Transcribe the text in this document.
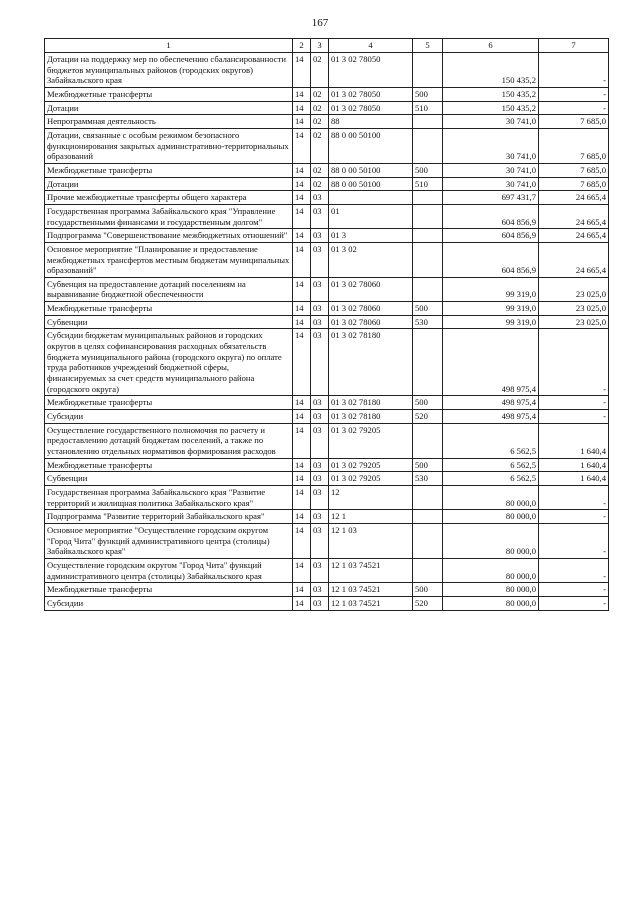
167
1	2	3	4	5	6	7
Дотации на поддержку мер по обеспечению сбалансированности бюджетов муниципальных районов (городских округов) Забайкальского края	14	02	01 3 02 78050		150 435,2	-
Межбюджетные трансферты	14	02	01 3 02 78050	500	150 435,2	-
Дотации	14	02	01 3 02 78050	510	150 435,2	-
Непрограммная деятельность	14	02	88		30 741,0	7 685,0
Дотации, связанные с особым режимом безопасного функционирования закрытых административно-территориальных образований	14	02	88 0 00 50100		30 741,0	7 685,0
Межбюджетные трансферты	14	02	88 0 00 50100	500	30 741,0	7 685,0
Дотации	14	02	88 0 00 50100	510	30 741,0	7 685,0
Прочие межбюджетные трансферты общего характера	14	03			697 431,7	24 665,4
Государственная программа Забайкальского края "Управление государственными финансами и государственным долгом"	14	03	01		604 856,9	24 665,4
Подпрограмма "Совершенствование межбюджетных отношений"	14	03	01 3		604 856,9	24 665,4
Основное мероприятие "Планирование и предоставление межбюджетных трансфертов местным бюджетам муниципальных образований"	14	03	01 3 02		604 856,9	24 665,4
Субвенция на предоставление дотаций поселениям на выравнивание бюджетной обеспеченности	14	03	01 3 02 78060		99 319,0	23 025,0
Межбюджетные трансферты	14	03	01 3 02 78060	500	99 319,0	23 025,0
Субвенции	14	03	01 3 02 78060	530	99 319,0	23 025,0
Субсидии бюджетам муниципальных районов и городских округов в целях софинансирования расходных обязательств бюджета муниципального района (городского округа) по оплате труда работников учреждений бюджетной сферы, финансируемых за счет средств муниципального района (городского округа)	14	03	01 3 02 78180		498 975,4	-
Межбюджетные трансферты	14	03	01 3 02 78180	500	498 975,4	-
Субсидии	14	03	01 3 02 78180	520	498 975,4	-
Осуществление государственного полномочия по расчету и предоставлению дотаций бюджетам поселений, а также по установлению отдельных нормативов формирования расходов	14	03	01 3 02 79205		6 562,5	1 640,4
Межбюджетные трансферты	14	03	01 3 02 79205	500	6 562,5	1 640,4
Субвенции	14	03	01 3 02 79205	530	6 562,5	1 640,4
Государственная программа Забайкальского края "Развитие территорий и жилищная политика Забайкальского края"	14	03	12		80 000,0	-
Подпрограмма "Развитие территорий Забайкальского края"	14	03	12 1		80 000,0	-
Основное мероприятие "Осуществление городским округом "Город Чита" функций административного центра (столицы) Забайкальского края"	14	03	12 1 03		80 000,0	-
Осуществление городским округом "Город Чита" функций административного центра (столицы) Забайкальского края	14	03	12 1 03 74521		80 000,0	-
Межбюджетные трансферты	14	03	12 1 03 74521	500	80 000,0	-
Субсидии	14	03	12 1 03 74521	520	80 000,0	-
